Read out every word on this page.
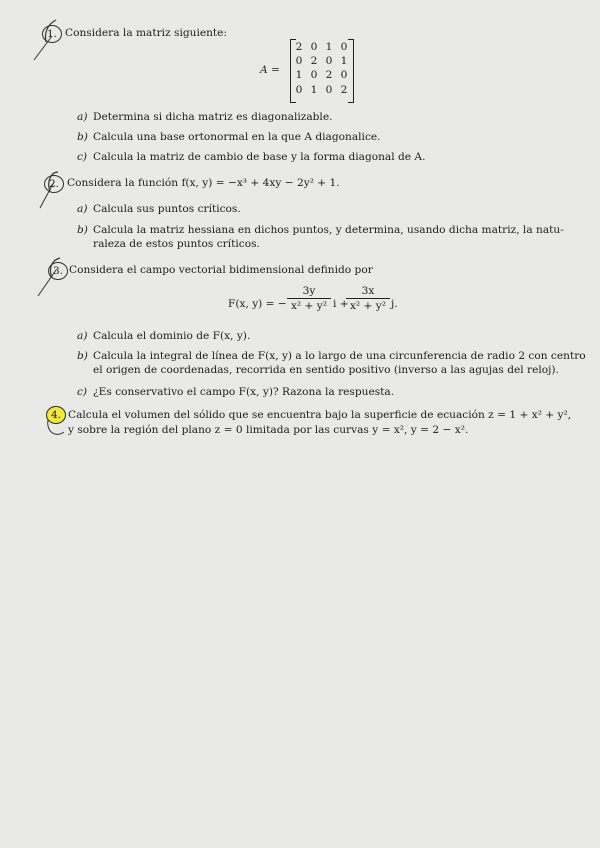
1. Considera la matriz siguiente:
A =
2 0 1 0
0 2 0 1
1 0 2 0
0 1 0 2
a) Determina si dicha matriz es diagonalizable.
b) Calcula una base ortonormal en la que A diagonalice.
c) Calcula la matriz de cambio de base y la forma diagonal de A.
2. Considera la función f(x, y) = −x³ + 4xy − 2y² + 1.
a) Calcula sus puntos críticos.
b) Calcula la matriz hessiana en dichos puntos, y determina, usando dicha matriz, la natu-
raleza de estos puntos críticos.
3. Considera el campo vectorial bidimensional definido por
F(x, y) = −
3y
x² + y² i +
3x
x² + y² j.
a) Calcula el dominio de F(x, y).
b) Calcula la integral de línea de F(x, y) a lo largo de una circunferencia de radio 2 con centro
el origen de coordenadas, recorrida en sentido positivo (inverso a las agujas del reloj).
c) ¿Es conservativo el campo F(x, y)? Razona la respuesta.
4. Calcula el volumen del sólido que se encuentra bajo la superficie de ecuación z = 1 + x² + y²,
y sobre la región del plano z = 0 limitada por las curvas y = x², y = 2 − x².
